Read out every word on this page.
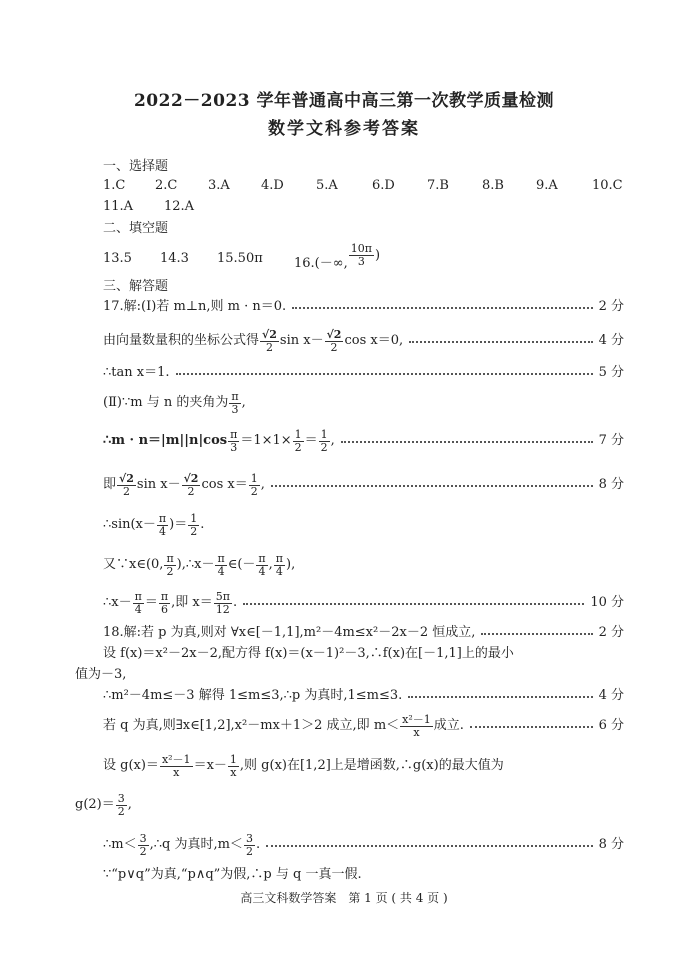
2022－2023 学年普通高中高三第一次教学质量检测
数学文科参考答案
一、选择题
1.C 2.C 3.A 4.D 5.A	6.D 7.B	8.B 9.A	10.C
11.A 12.A
二、填空题
13.5 14.3 15.50π 16.(－∞, $\frac{10\pi}{3}$ )
三、解答题
17.解:(Ⅰ)若 m⊥n,则 m · n＝0.	2 分
由向量数量积的坐标公式得 $\frac{√2}{2}$ $\sin x- \frac{√2}{2}$ cos x＝0,	4 分
∴tan x＝1.	5 分
(Ⅱ)∵m 与 n 的夹角为 $\frac{\pi}{3}$ ,
∴m · $n=|m||n|\cos \frac{\pi}{3} =1\times 1\times \frac{1}{2} = \frac{1}{2}$ ,	7 分
即 $\frac{√2}{2}$ $\sin x- \frac{√2}{2}$ $\cos x= \frac{1}{2}$ ,	8 分
∴sin(x－ $\frac{\pi}{4}$ )＝ $\frac{1}{2}$ .
又∵x∈(0, $\frac{\pi}{2}$ ),∴x－ $\frac{\pi}{4}$ ∈(－ $\frac{\pi}{4}$ , $\frac{\pi}{4}$ ),
∴x－ $\frac{\pi}{4} = \frac{\pi}{6}$ ,即 $x= \frac{5\pi}{12}$ .	10 分
18.解:若 p 为真,则对 ∀x∈[－1,1],m²－4m≤x²－2x－2 恒成立,	2 分
设 f(x)＝x²－2x－2,配方得 f(x)＝(x－1)²－3,∴f(x)在[－1,1]上的最小
值为－3,
∴m²－4m≤－3 解得 1≤m≤3,∴p 为真时,1≤m≤3.	4 分
若 q 为真,则∃x∈[1,2],x²－mx＋1＞2 成立,即 $m< \frac{\text{x²－1}}{x}$ 成立.	6 分
设 $g(x)= \frac{\text{x²－1}}{x} =x- \frac{1}{x}$ ,则 g(x)在[1,2]上是增函数,∴g(x)的最大值为
$g(2)= \frac{3}{2}$ ,
∴m＜ $\frac{3}{2}$ ,∴q 为真时$,m< \frac{3}{2}$ .	8 分
∵“p∨q”为真,“p∧q”为假,∴p 与 q 一真一假.
高三文科数学答案　第 1 页 ( 共 4 页 )
